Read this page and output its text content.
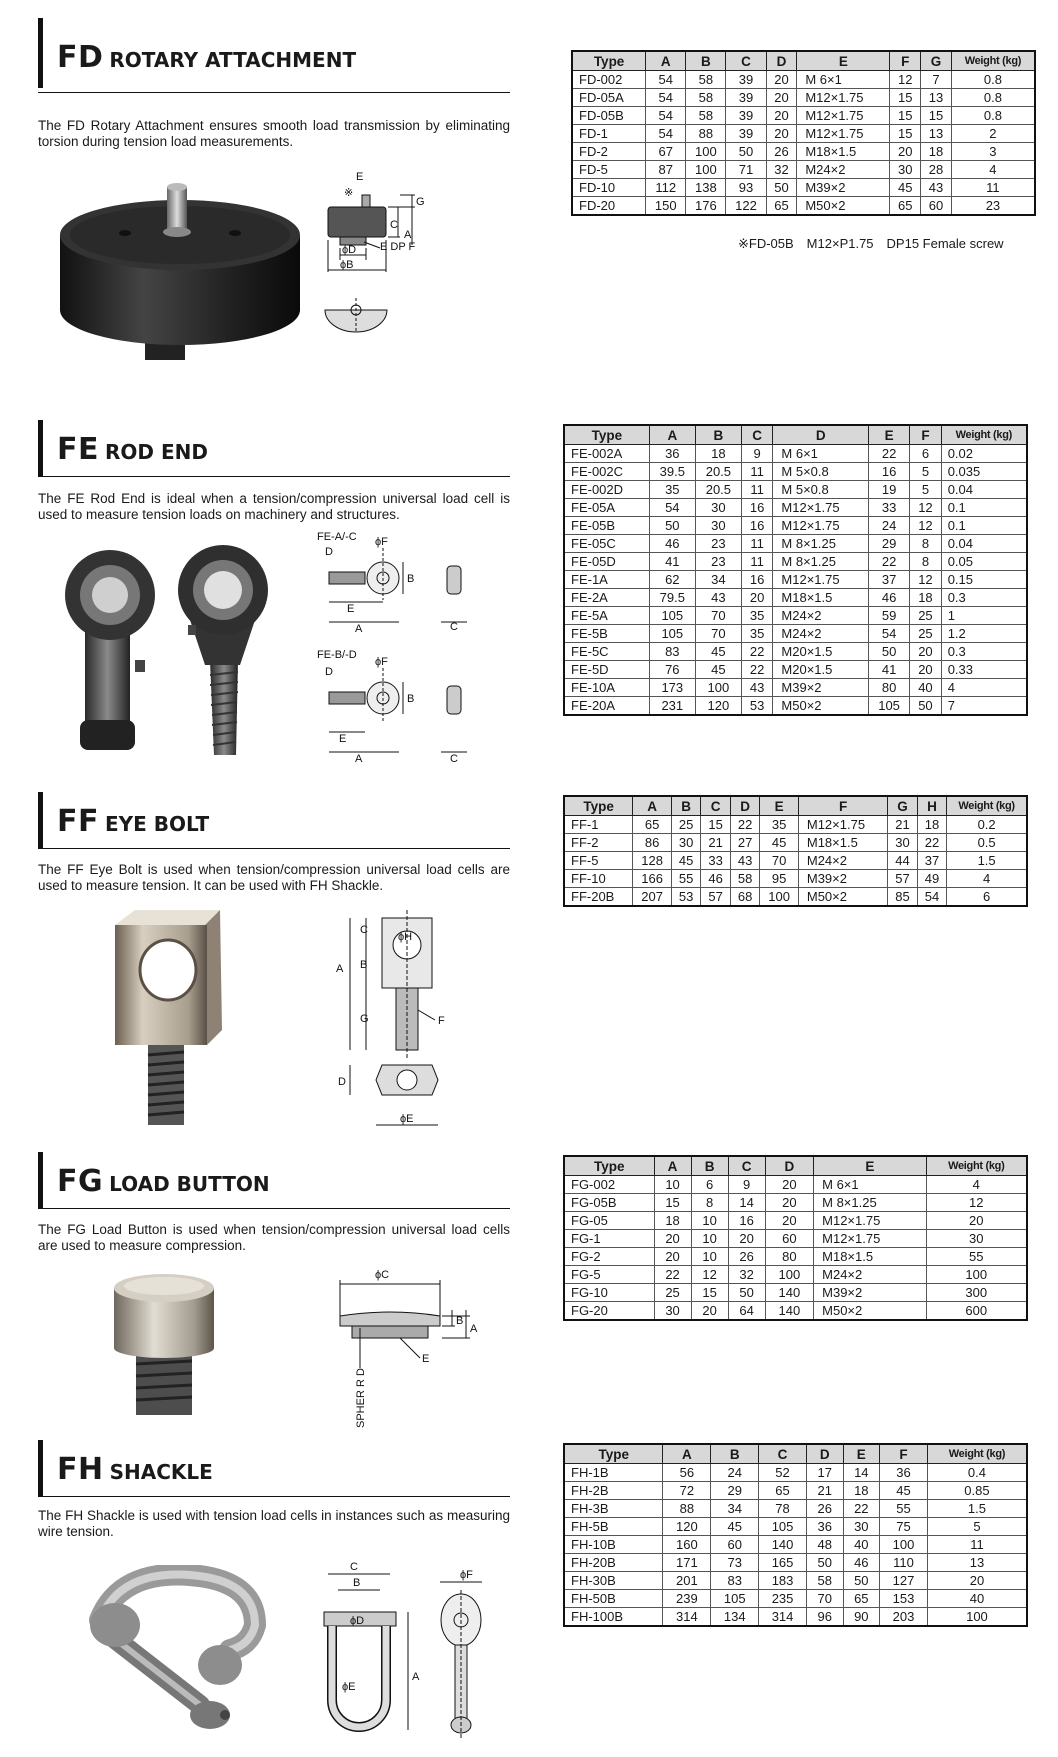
FD ROTARY ATTACHMENT
The FD Rotary Attachment ensures smooth load transmission by eliminating torsion during tension load measurements.
E
※
G
C
A
ϕD
ϕB
E DP F
Type	A	B	C	D	E	F	G	Weight (kg)
FD-002	54	58	39	20	M 6×1	12	7	0.8
FD-05A	54	58	39	20	M12×1.75	15	13	0.8
FD-05B	54	58	39	20	M12×1.75	15	15	0.8
FD-1	54	88	39	20	M12×1.75	15	13	2
FD-2	67	100	50	26	M18×1.5	20	18	3
FD-5	87	100	71	32	M24×2	30	28	4
FD-10	112	138	93	50	M39×2	45	43	11
FD-20	150	176	122	65	M50×2	65	60	23
※FD-05B　M12×P1.75　DP15 Female screw
FE ROD END
The FE Rod End is ideal when a tension/compression universal load cell is used to measure tension loads on machinery and structures.
FE-A/-C
D
ϕF
B
E
A	C
FE-B/-D
D
ϕF
B
E
A	C
Type	A	B	C	D	E	F	Weight (kg)
FE-002A	36	18	9	M 6×1	22	6	0.02
FE-002C	39.5	20.5	11	M 5×0.8	16	5	0.035
FE-002D	35	20.5	11	M 5×0.8	19	5	0.04
FE-05A	54	30	16	M12×1.75	33	12	0.1
FE-05B	50	30	16	M12×1.75	24	12	0.1
FE-05C	46	23	11	M 8×1.25	29	8	0.04
FE-05D	41	23	11	M 8×1.25	22	8	0.05
FE-1A	62	34	16	M12×1.75	37	12	0.15
FE-2A	79.5	43	20	M18×1.5	46	18	0.3
FE-5A	105	70	35	M24×2	59	25	1
FE-5B	105	70	35	M24×2	54	25	1.2
FE-5C	83	45	22	M20×1.5	50	20	0.3
FE-5D	76	45	22	M20×1.5	41	20	0.33
FE-10A	173	100	43	M39×2	80	40	4
FE-20A	231	120	53	M50×2	105	50	7
FF EYE BOLT
The FF Eye Bolt is used when tension/compression universal load cells are used to measure tension. It can be used with FH Shackle.
A
C
B
G
ϕH
F
D
ϕE
Type	A	B	C	D	E	F	G	H	Weight (kg)
FF-1	65	25	15	22	35	M12×1.75	21	18	0.2
FF-2	86	30	21	27	45	M18×1.5	30	22	0.5
FF-5	128	45	33	43	70	M24×2	44	37	1.5
FF-10	166	55	46	58	95	M39×2	57	49	4
FF-20B	207	53	57	68	100	M50×2	85	54	6
FG LOAD BUTTON
The FG Load Button is used when tension/compression universal load cells are used to measure compression.
ϕC
B
A
E
SPHER R D
Type	A	B	C	D	E	Weight (kg)
FG-002	10	6	9	20	M 6×1	4
FG-05B	15	8	14	20	M 8×1.25	12
FG-05	18	10	16	20	M12×1.75	20
FG-1	20	10	20	60	M12×1.75	30
FG-2	20	10	26	80	M18×1.5	55
FG-5	22	12	32	100	M24×2	100
FG-10	25	15	50	140	M39×2	300
FG-20	30	20	64	140	M50×2	600
FH SHACKLE
The FH Shackle is used with tension load cells in instances such as measuring wire tension.
C
B
ϕD
ϕE
A
ϕF
Type	A	B	C	D	E	F	Weight (kg)
FH-1B	56	24	52	17	14	36	0.4
FH-2B	72	29	65	21	18	45	0.85
FH-3B	88	34	78	26	22	55	1.5
FH-5B	120	45	105	36	30	75	5
FH-10B	160	60	140	48	40	100	11
FH-20B	171	73	165	50	46	110	13
FH-30B	201	83	183	58	50	127	20
FH-50B	239	105	235	70	65	153	40
FH-100B	314	134	314	96	90	203	100
